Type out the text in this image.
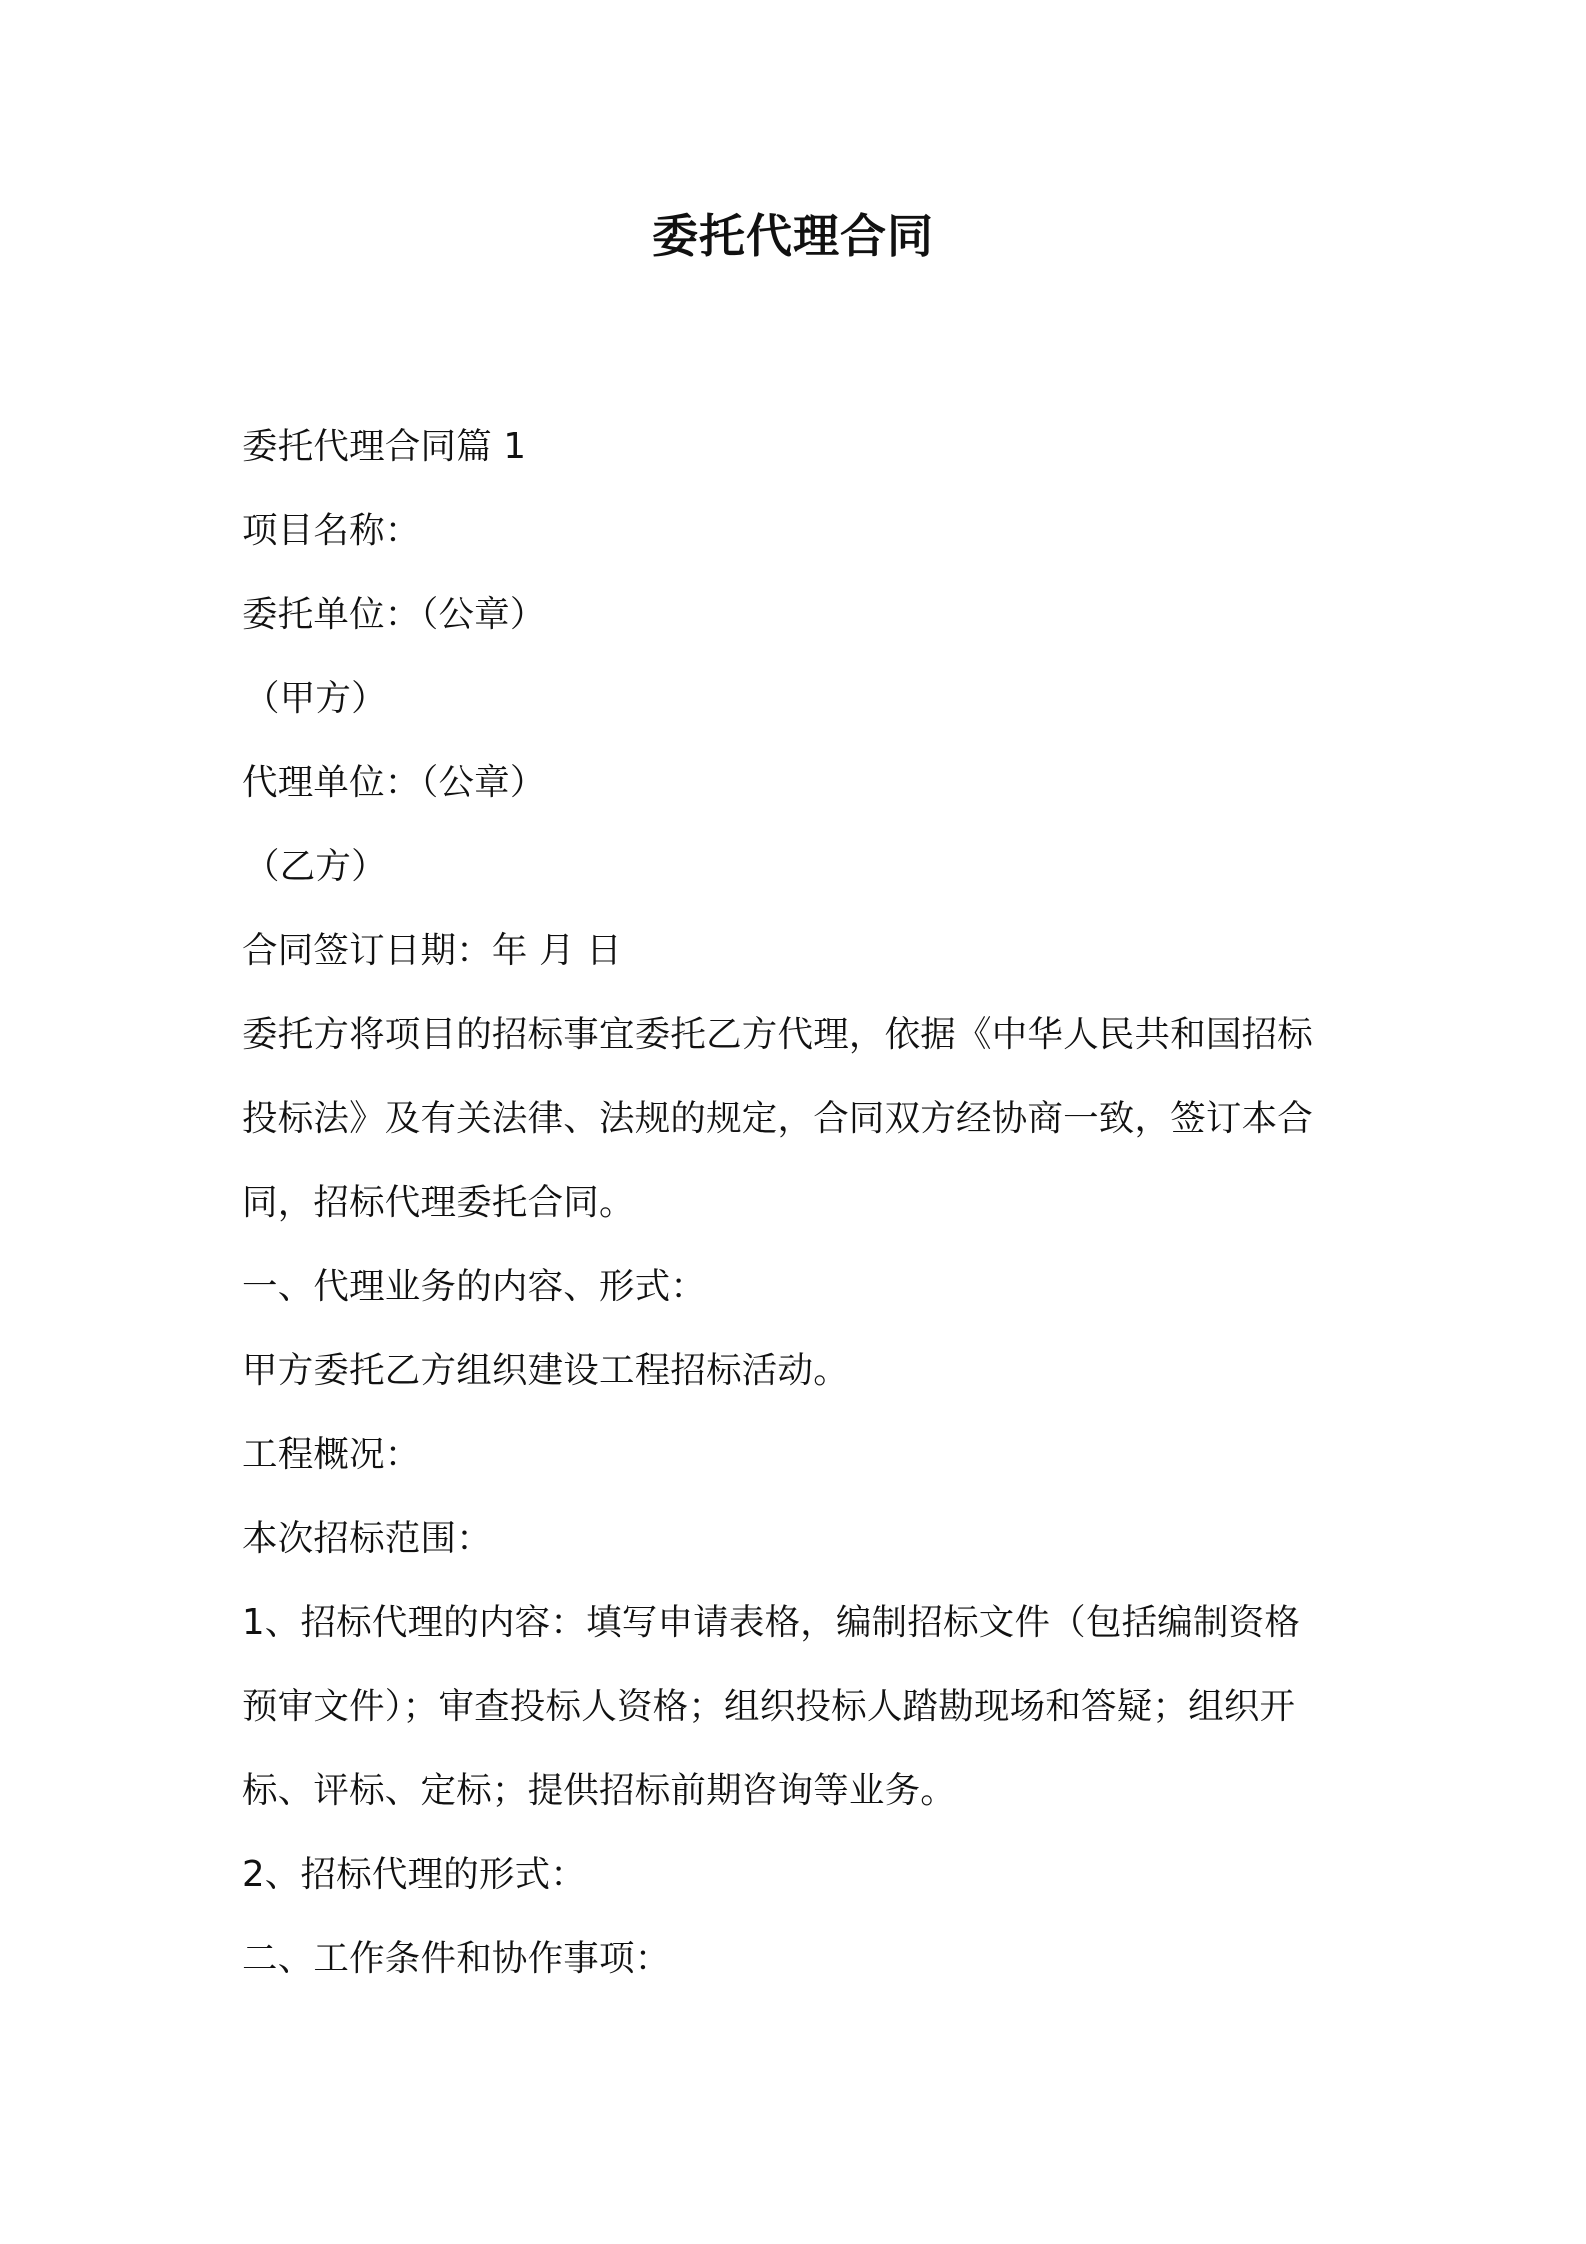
委托代理合同
委托代理合同篇 1
项目名称：
委托单位：（公章）
（甲方）
代理单位：（公章）
（乙方）
合同签订日期：年 月 日
委托方将项目的招标事宜委托乙方代理，依据《中华人民共和国招标
投标法》及有关法律、法规的规定，合同双方经协商一致，签订本合
同，招标代理委托合同。
一、代理业务的内容、形式：
甲方委托乙方组织建设工程招标活动。
工程概况：
本次招标范围：
1、招标代理的内容：填写申请表格，编制招标文件（包括编制资格
预审文件）；审查投标人资格；组织投标人踏勘现场和答疑；组织开
标、评标、定标；提供招标前期咨询等业务。
2、招标代理的形式：
二、工作条件和协作事项：
